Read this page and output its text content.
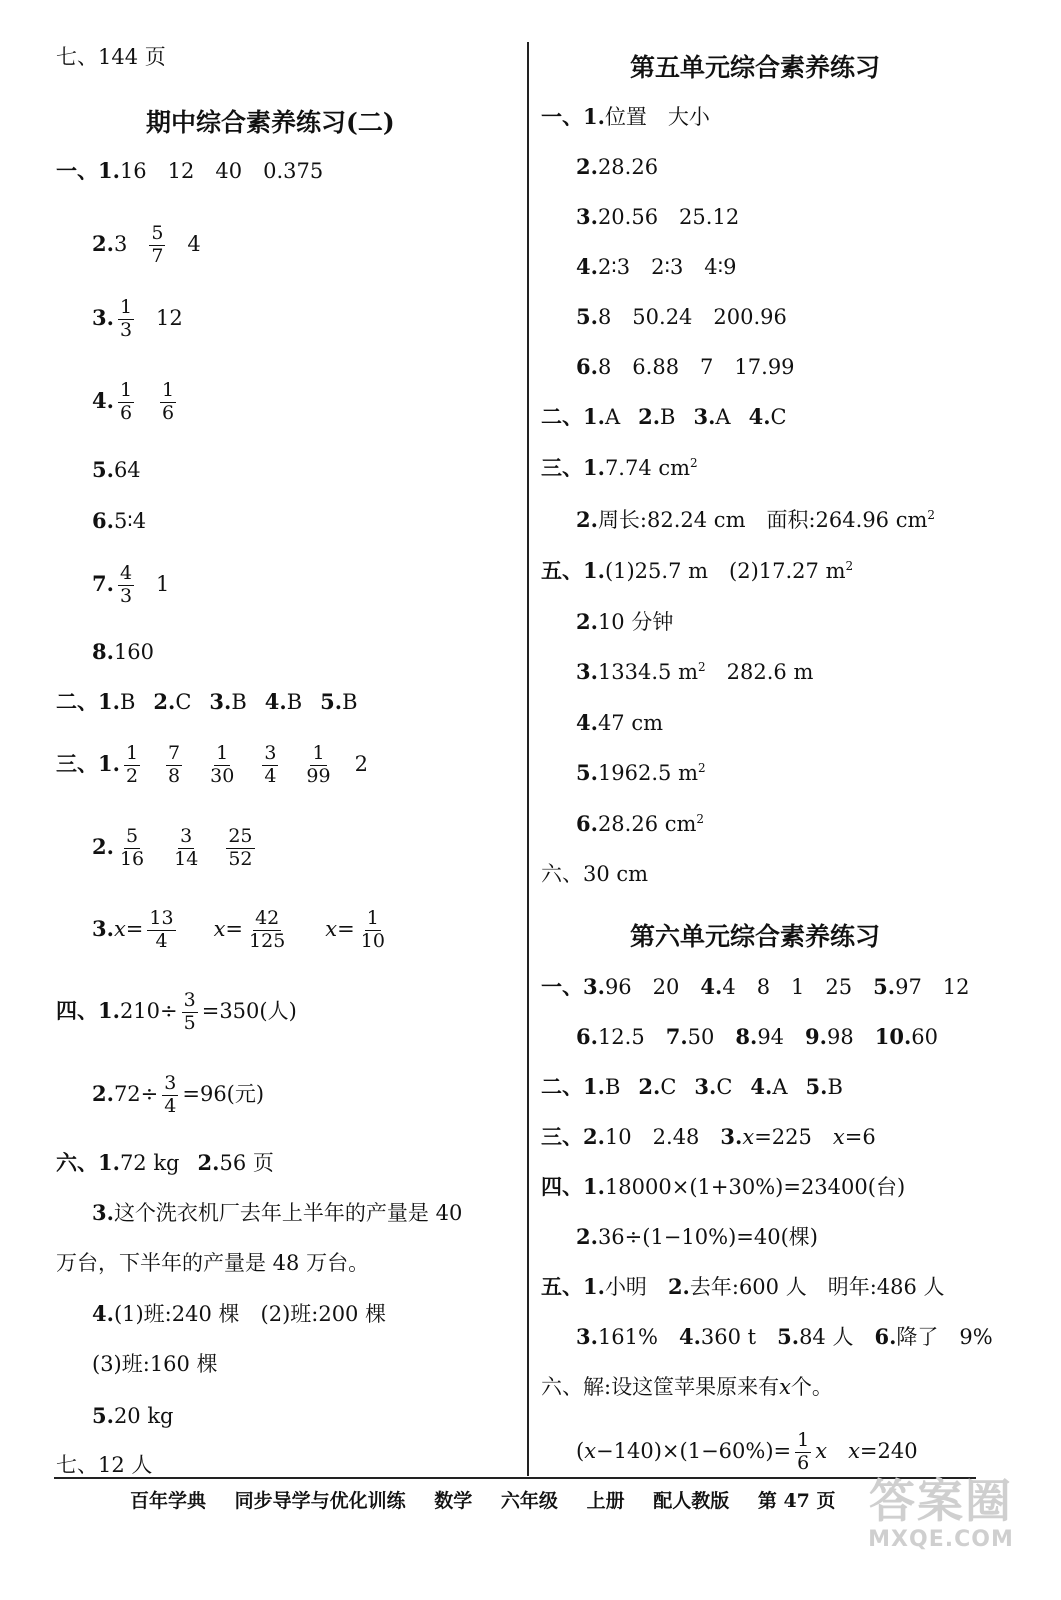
七、144 页
期中综合素养练习(二)
一、1.16　12　40　0.375
$2.3 \frac{5}{7} 4$
3. $\frac{1}{3} 12$
4. $\frac{1}{6} \frac{1}{6}$
5.64
6.5∶4
7. $\frac{4}{3} 1$
8.160
二、1.B 2.C 3.B 4.B 5.B
三、1. $\frac{1}{2} \frac{7}{8} \frac{1}{30} \frac{3}{4} \frac{1}{99} 2$
2. $\frac{5}{16} \frac{3}{14} \frac{25}{52}$
$3.x= \frac{13}{4} x= \frac{42}{125} x= \frac{1}{10}$
四、$1.210\div \frac{3}{5} =350$(人)
$2.72\div \frac{3}{4} =96$(元)
六、1.72 kg 2.56 页
3.这个洗衣机厂去年上半年的产量是 40
万台，下半年的产量是 48 万台。
4.(1)班:240 棵　(2)班:200 棵
(3)班:160 棵
5.20 kg
七、12 人
第五单元综合素养练习
一、1.位置　大小
2.28.26
3.20.56　25.12
4.2∶3　2∶3　4∶9
5.8　50.24　200.96
6.8　6.88　7　17.99
二、1.A 2.B 3.A 4.C
三、1.7.74 $cm^2$
2.周长:82.24 cm　面积:264.96 $cm^2$
五、1.(1)25.7 m　(2)17.27 $m^2$
2.10 分钟
3.1334.5 $m^2$　282.6 m
4.47 cm
5.1962.5 $m^2$
6.28.26 $cm^2$
六、30 cm
第六单元综合素养练习
一、3.96　20　4.4　8　1　25　5.97　12
6.12.5　7.50　8.94　9.98　10.60
二、1.B 2.C 3.C 4.A 5.B
三、2.10　2.48　3.x=225　x=6
四、1.18000×(1+30%)=23400(台)
2.36÷(1−10%)=40(棵)
五、1.小明　2.去年:600 人　明年:486 人
3.161%　4.360 t　5.84 人　6.降了　9%
六、解:设这筐苹果原来有x个。
$(x-140)\times(1-60\%)= \frac{1}{6}$ x　 x=240
百年学典 同步导学与优化训练 数学 六年级 上册 配人教版 第 47 页 答案圈
MXQE.COM
